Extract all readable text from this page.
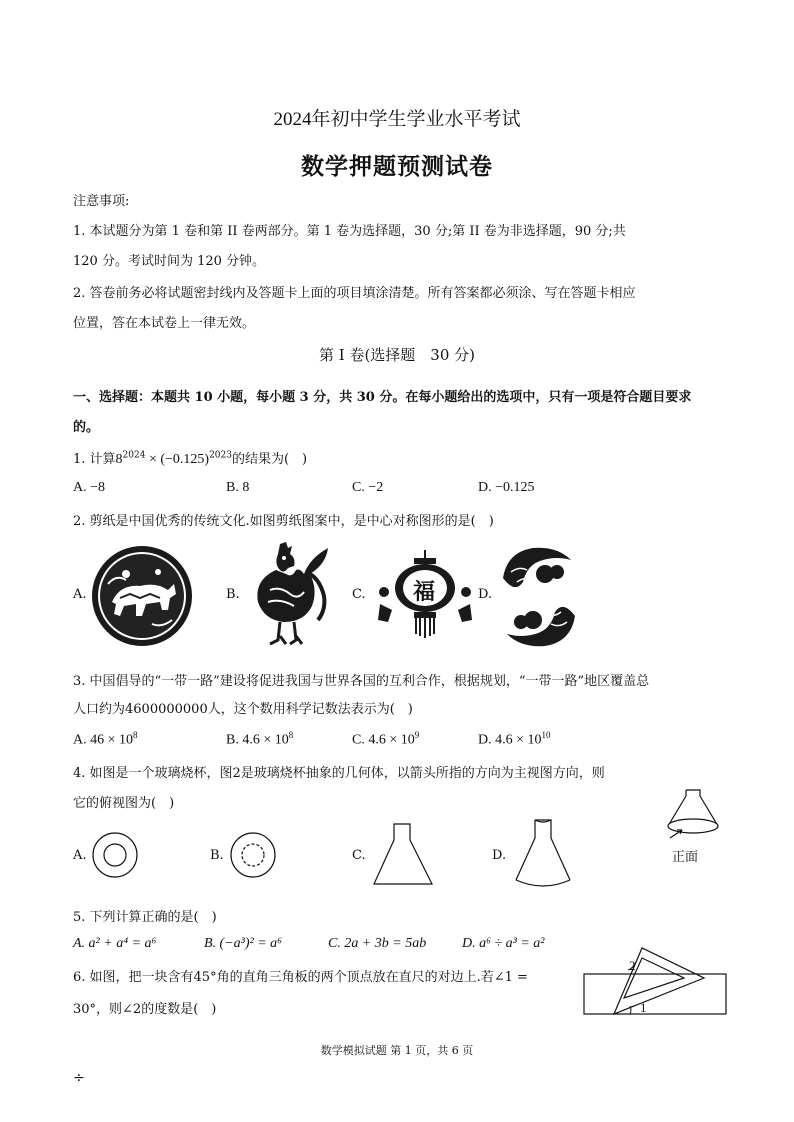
2024年初中学生学业水平考试
数学押题预测试卷
注意事项:
1. 本试题分为第 1 卷和第 II 卷两部分。第 1 卷为选择题，30 分;第 II 卷为非选择题，90 分;共
120 分。考试时间为 120 分钟。
2. 答卷前务必将试题密封线内及答题卡上面的项目填涂清楚。所有答案都必须涂、写在答题卡相应
位置，答在本试卷上一律无效。
第 I 卷(选择题　30 分)
一、选择题：本题共 10 小题，每小题 3 分，共 30 分。在每小题给出的选项中，只有一项是符合题目要求
的。
1. 计算$8^{2024} \times (-0.125)^{2023}$的结果为(　)
A. −8	B. 8	C. −2	D. −0.125
2. 剪纸是中国优秀的传统文化.如图剪纸图案中，是中心对称图形的是(　)
A.	B.	C.	D.
福
3. 中国倡导的“一带一路”建设将促进我国与世界各国的互利合作，根据规划，“一带一路”地区覆盖总
人口约为4600000000人，这个数用科学记数法表示为(　)
A. $46 \times 10^8$	B. $4.6 \times 10^8$	C. $4.6 \times 10^9$	D. $4.6 \times 10^{10}$
4. 如图是一个玻璃烧杯，图2是玻璃烧杯抽象的几何体，以箭头所指的方向为主视图方向，则
它的俯视图为(　)
正面
A.	B.	C.	D.
5. 下列计算正确的是(　)
A. a² + a⁴ = a⁶	B. (−a³)² = a⁶	C. 2a + 3b = 5ab	D. a⁶ ÷ a³ = a²
6. 如图，把一块含有45°角的直角三角板的两个顶点放在直尺的对边上.若∠1 =
30°，则∠2的度数是(　)
2
1
数学模拟试题 第 1 页，共 6 页
÷
